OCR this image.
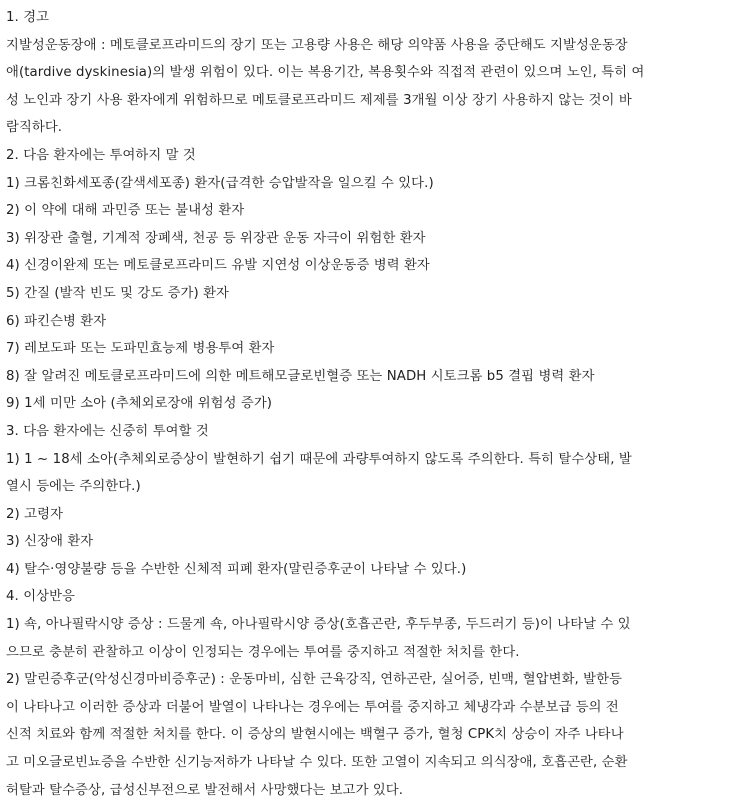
1. 경고
지발성운동장애 : 메토클로프라미드의 장기 또는 고용량 사용은 해당 의약품 사용을 중단해도 지발성운동장
애(tardive dyskinesia)의 발생 위험이 있다. 이는 복용기간, 복용횟수와 직접적 관련이 있으며 노인, 특히 여
성 노인과 장기 사용 환자에게 위험하므로 메토클로프라미드 제제를 3개월 이상 장기 사용하지 않는 것이 바
람직하다.
2. 다음 환자에는 투여하지 말 것
1) 크롬친화세포종(갈색세포종) 환자(급격한 승압발작을 일으킬 수 있다.)
2) 이 약에 대해 과민증 또는 불내성 환자
3) 위장관 출혈, 기계적 장폐색, 천공 등 위장관 운동 자극이 위험한 환자
4) 신경이완제 또는 메토클로프라미드 유발 지연성 이상운동증 병력 환자
5) 간질 (발작 빈도 및 강도 증가) 환자
6) 파킨슨병 환자
7) 레보도파 또는 도파민효능제 병용투여 환자
8) 잘 알려진 메토클로프라미드에 의한 메트해모글로빈혈증 또는 NADH 시토크롬 b5 결핍 병력 환자
9) 1세 미만 소아 (추체외로장애 위험성 증가)
3. 다음 환자에는 신중히 투여할 것
1) 1 ~ 18세 소아(추체외로증상이 발현하기 쉽기 때문에 과량투여하지 않도록 주의한다. 특히 탈수상태, 발
열시 등에는 주의한다.)
2) 고령자
3) 신장애 환자
4) 탈수·영양불량 등을 수반한 신체적 피폐 환자(말린증후군이 나타날 수 있다.)
4. 이상반응
1) 쇽, 아나필락시양 증상 : 드물게 쇽, 아나필락시양 증상(호흡곤란, 후두부종, 두드러기 등)이 나타날 수 있
으므로 충분히 관찰하고 이상이 인정되는 경우에는 투여를 중지하고 적절한 처치를 한다.
2) 말린증후군(악성신경마비증후군) : 운동마비, 심한 근육강직, 연하곤란, 실어증, 빈맥, 혈압변화, 발한등
이 나타나고 이러한 증상과 더불어 발열이 나타나는 경우에는 투여를 중지하고 체냉각과 수분보급 등의 전
신적 치료와 함께 적절한 처치를 한다. 이 증상의 발현시에는 백혈구 증가, 혈청 CPK치 상승이 자주 나타나
고 미오글로빈뇨증을 수반한 신기능저하가 나타날 수 있다. 또한 고열이 지속되고 의식장애, 호흡곤란, 순환
허탈과 탈수증상, 급성신부전으로 발전해서 사망했다는 보고가 있다.
